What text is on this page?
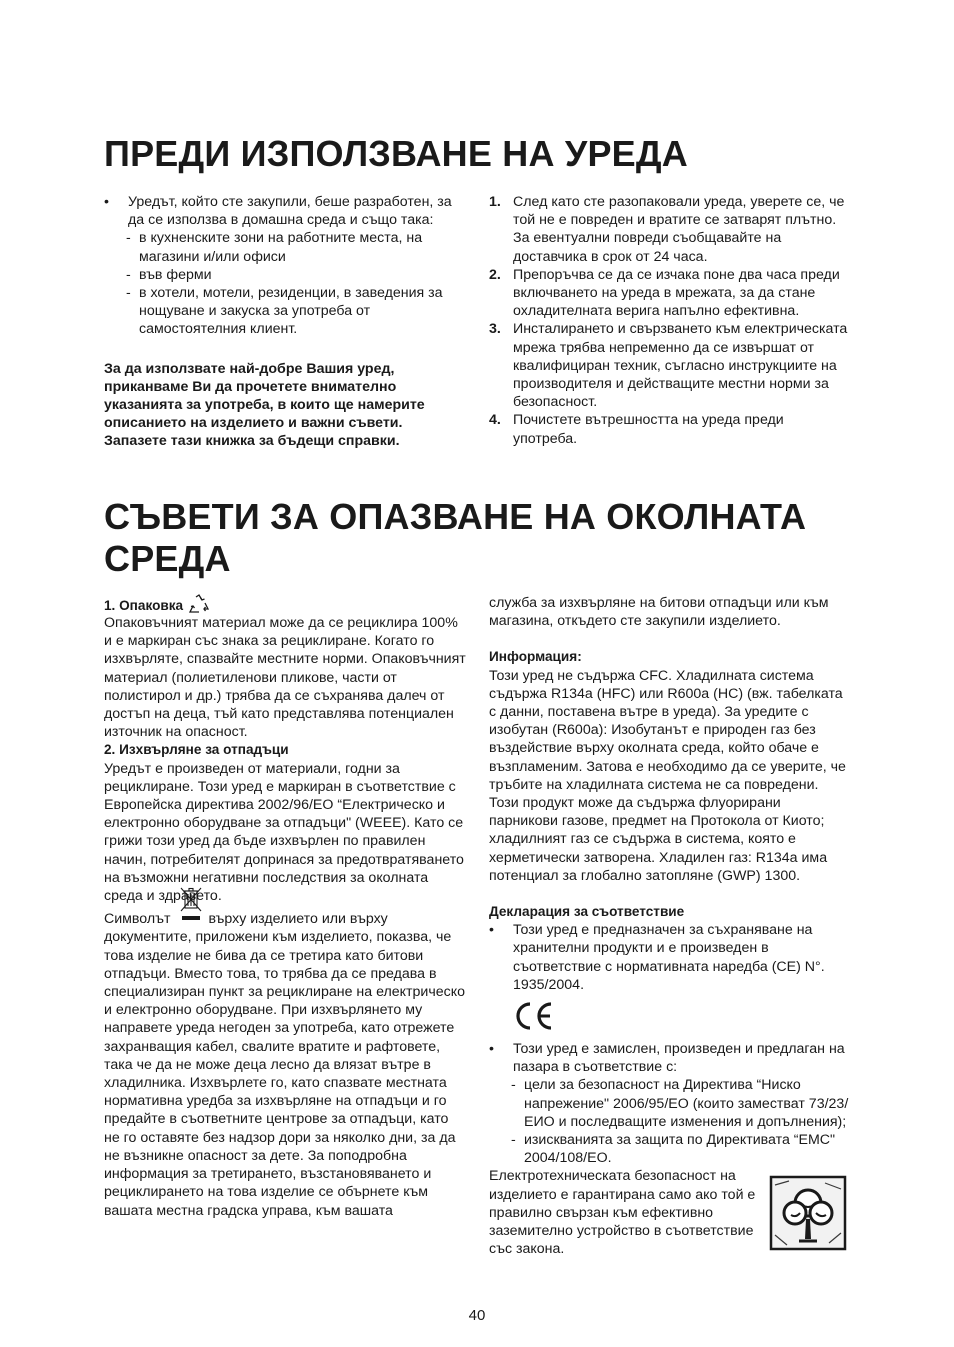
ПРЕДИ ИЗПОЛЗВАНЕ НА УРЕДА
• Уредът, който сте закупили, беше разработен, за да се използва в домашна среда и също така:
- в кухненските зони на работните места, на магазини и/или офиси
- във ферми
- в хотели, мотели, резиденции, в заведения за нощуване и закуска за употреба от самостоятелния клиент.

За да използвате най-добре Вашия уред, приканваме Ви да прочетете внимателно указанията за употреба, в които ще намерите описанието на изделието и важни съвети. Запазете тази книжка за бъдещи справки.

1. След като сте разопаковали уреда, уверете се, че той не е повреден и вратите се затварят плътно. За евентуални повреди съобщавайте на доставчика в срок от 24 часа.
2. Препоръчва се да се изчака поне два часа преди включването на уреда в мрежата, за да стане охладителната верига напълно ефективна.
3. Инсталирането и свързването към електрическата мрежа трябва непременно да се извършат от квалифициран техник, съгласно инструкциите на производителя и действащите местни норми за безопасност.
4. Почистете вътрешността на уреда преди употреба.
СЪВЕТИ ЗА ОПАЗВАНЕ НА ОКОЛНАТА СРЕДА
1. Опаковка

Опаковъчният материал може да се рециклира 100% и е маркиран със знака за рециклиране. Когато го изхвърляте, спазвайте местните норми. Опаковъчният материал (полиетиленови пликове, части от полистирол и др.) трябва да се съхранява далеч от достъп на деца, тъй като представлява потенциален източник на опасност.

2. Изхвърляне за отпадъци

Уредът е произведен от материали, годни за рециклиране. Този уред е маркиран в съответствие с Европейска директива 2002/96/ЕО “Електрическо и електронно оборудване за отпадъци" (WEEE). Като се грижи този уред да бъде изхвърлен по правилен начин, потребителят допринася за предотвратяването на възможни негативни последствия за околната среда и здравето.

Символът	върху изделието или върху документите, приложени към изделието, показва, че това изделие не бива да се третира като битови отпадъци. Вместо това, то трябва да се предава в специализиран пункт за рециклиране на електрическо и електронно оборудване. При изхвърлянето му направете уреда негоден за употреба, като отрежете захранващия кабел, свалите вратите и рафтовете, така че да не може деца лесно да влязат вътре в хладилника. Изхвърлете го, като спазвате местната нормативна уредба за изхвърляне на отпадъци и го предайте в съответните центрове за отпадъци, като не го оставяте без надзор дори за няколко дни, за да не възникне опасност за дете. За поподробна информация за третирането, възстановяването и рециклирането на това изделие се обърнете към вашата местна градска управа, към вашата

служба за изхвърляне на битови отпадъци или към магазина, откъдето сте закупили изделието.

Информация:

Този уред не съдържа CFC. Хладилната система съдържа R134a (HFC) или R600a (HC) (вж. табелката с данни, поставена вътре в уреда). За уредите с изобутан (R600a): Изобутанът е природен газ без въздействие върху околната среда, който обаче е възпламеним. Затова е необходимо да се уверите, че тръбите на хладилната система не са повредени. Този продукт може да съдържа флуорирани парникови газове, предмет на Протокола от Киото; хладилният газ се съдържа в система, която е херметически затворена. Хладилен газ: R134a има потенциал за глобално затопляне (GWP) 1300.

Декларация за съответствие

• Този уред е предназначен за съхраняване на хранителни продукти и е произведен в съответствие с нормативната наредба (CE) N°. 1935/2004.
• Този уред е замислен, произведен и предлаган на пазара в съответствие с:
- цели за безопасност на Директива “Ниско напрежение" 2006/95/ЕО (които заместват 73/23/ЕИО и последващите изменения и допълнения);
- изискванията за защита по Директивата “EMC" 2004/108/ЕО.

Електротехническата безопасност на изделието е гарантирана само ако той е правилно свързан към ефективно заземително устройство в съответствие със закона.

40
